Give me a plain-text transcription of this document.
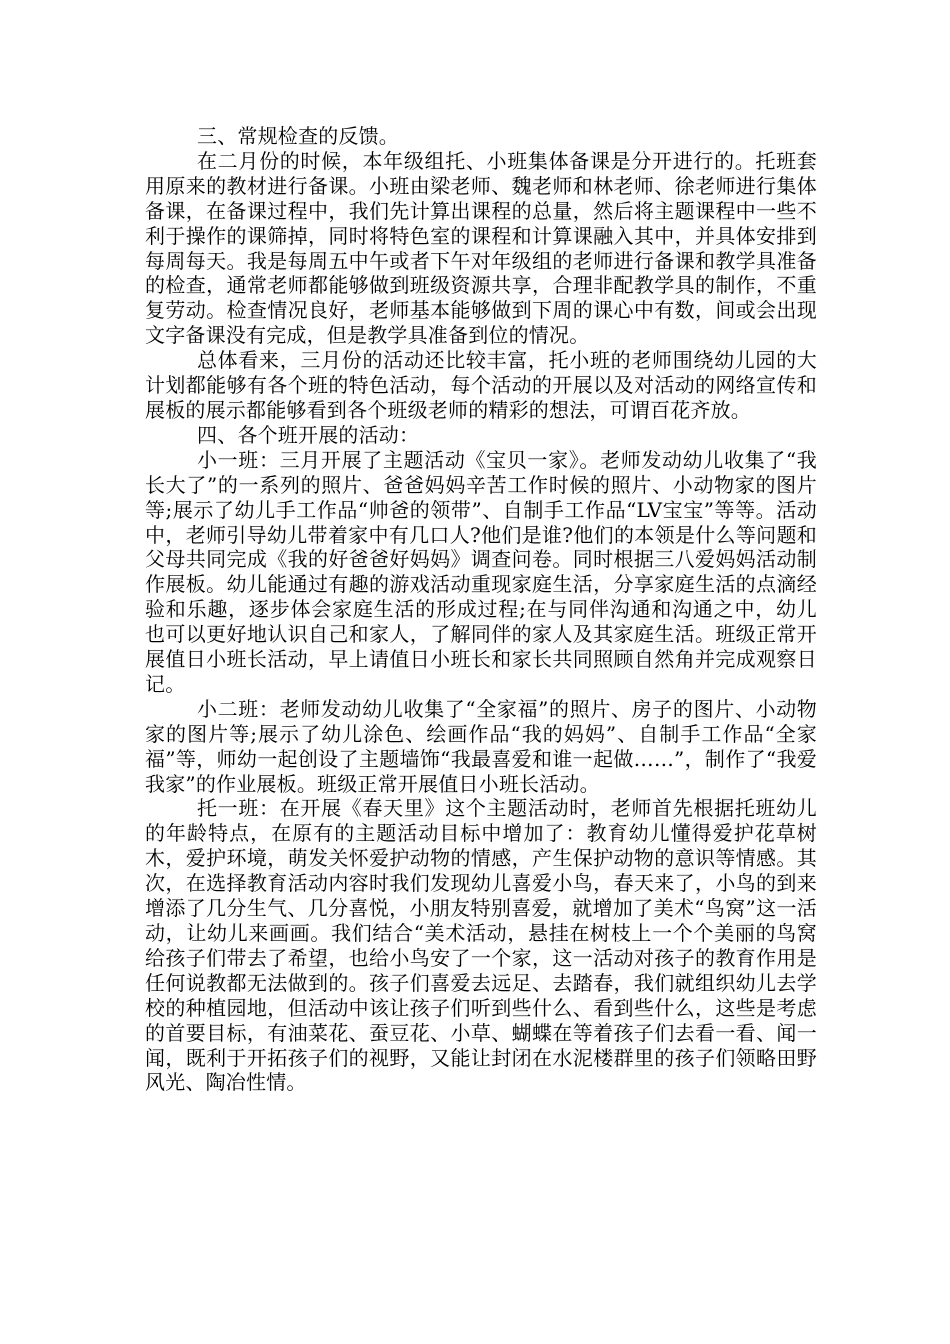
三、常规检查的反馈。

在二月份的时候，本年级组托、小班集体备课是分开进行的。托班套用原来的教材进行备课。小班由梁老师、魏老师和林老师、徐老师进行集体备课，在备课过程中，我们先计算出课程的总量，然后将主题课程中一些不利于操作的课筛掉，同时将特色室的课程和计算课融入其中，并具体安排到每周每天。我是每周五中午或者下午对年级组的老师进行备课和教学具准备的检查，通常老师都能够做到班级资源共享，合理非配教学具的制作，不重复劳动。检查情况良好，老师基本能够做到下周的课心中有数，间或会出现文字备课没有完成，但是教学具准备到位的情况。

总体看来，三月份的活动还比较丰富，托小班的老师围绕幼儿园的大计划都能够有各个班的特色活动，每个活动的开展以及对活动的网络宣传和展板的展示都能够看到各个班级老师的精彩的想法，可谓百花齐放。

四、各个班开展的活动：

小一班：三月开展了主题活动《宝贝一家》。老师发动幼儿收集了“我长大了”的一系列的照片、爸爸妈妈辛苦工作时候的照片、小动物家的图片等;展示了幼儿手工作品“帅爸的领带”、自制手工作品“LV宝宝”等等。活动中，老师引导幼儿带着家中有几口人?他们是谁?他们的本领是什么等问题和父母共同完成《我的好爸爸好妈妈》调查问卷。同时根据三八爱妈妈活动制作展板。幼儿能通过有趣的游戏活动重现家庭生活，分享家庭生活的点滴经验和乐趣，逐步体会家庭生活的形成过程;在与同伴沟通和沟通之中，幼儿也可以更好地认识自己和家人，了解同伴的家人及其家庭生活。班级正常开展值日小班长活动，早上请值日小班长和家长共同照顾自然角并完成观察日记。

小二班：老师发动幼儿收集了“全家福”的照片、房子的图片、小动物家的图片等;展示了幼儿涂色、绘画作品“我的妈妈”、自制手工作品“全家福”等，师幼一起创设了主题墙饰“我最喜爱和谁一起做……”，制作了“我爱我家”的作业展板。班级正常开展值日小班长活动。

托一班：在开展《春天里》这个主题活动时，老师首先根据托班幼儿的年龄特点，在原有的主题活动目标中增加了：教育幼儿懂得爱护花草树木，爱护环境，萌发关怀爱护动物的情感，产生保护动物的意识等情感。其次，在选择教育活动内容时我们发现幼儿喜爱小鸟，春天来了，小鸟的到来增添了几分生气、几分喜悦，小朋友特别喜爱，就增加了美术“鸟窝”这一活动，让幼儿来画画。我们结合“美术活动，悬挂在树枝上一个个美丽的鸟窝给孩子们带去了希望，也给小鸟安了一个家，这一活动对孩子的教育作用是任何说教都无法做到的。孩子们喜爱去远足、去踏春，我们就组织幼儿去学校的种植园地，但活动中该让孩子们听到些什么、看到些什么，这些是考虑的首要目标，有油菜花、蚕豆花、小草、蝴蝶在等着孩子们去看一看、闻一闻，既利于开拓孩子们的视野，又能让封闭在水泥楼群里的孩子们领略田野风光、陶冶性情。
